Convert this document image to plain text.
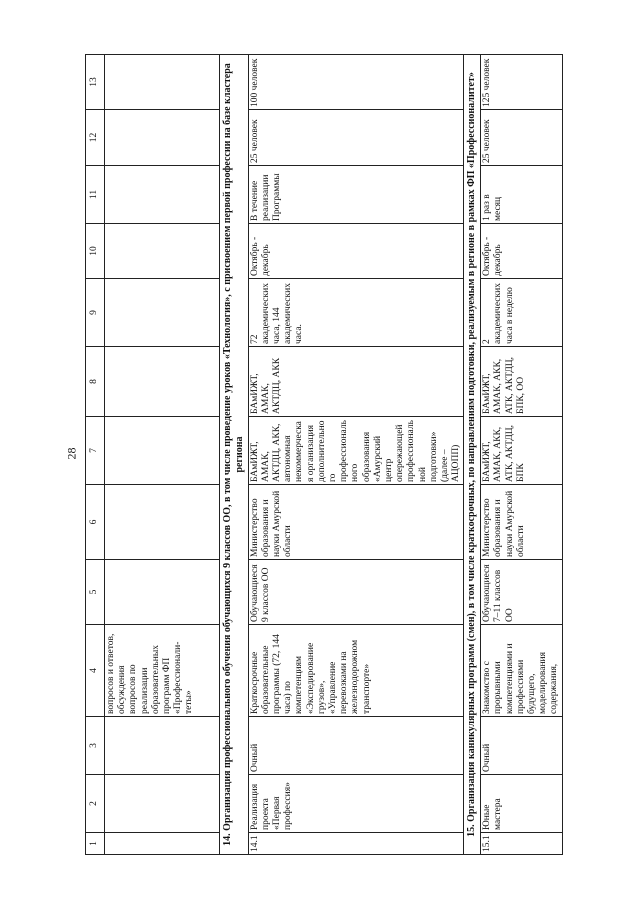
28
1	2	3	4	5	6	7	8	9	10	11	12	13
			вопросов и ответов, обсуждения вопросов по реализации образовательных программ ФП «Профессионали-теты»									
14. Организация профессионального обучения обучающихся 9 классов ОО, в том числе проведение уроков «Технология», с присвоением первой профессии на базе кластера региона												
14.1	Реализация проекта «Первая профессия»	Очный	Краткосрочные образовательные программы (72, 144 часа) по компетенциям «Экспедирование грузов», «Управление перевозками на железнодорожном транспорте»	Обучающиеся 9 классов ОО	Министерство образования и науки Амурской области	БАмИЖТ, АМАК, АКТДЦ, АКК, автономная некоммерческая организация дополнительного профессионального образования «Амурский центр опережающей профессиональной подготовки» (далее – АЦОПП)	БАмИЖТ, АМАК, АКТДЦ, АКК	72 академических часа, 144 академических часа.	Октябрь - декабрь	В течение реализации Программы	25 человек	100 человек
15. Организация каникулярных программ (смен), в том числе краткосрочных, по направлениям подготовки, реализуемым в регионе в рамках ФП «Профессионалитет»												
15.1	Юные мастера	Очный	Знакомство с прорывными компетенциями и профессиями будущего, моделирования содержания,	Обучающиеся 7–11 классов ОО	Министерство образования и науки Амурской области	БАмИЖТ, АМАК, АКК, АТК, АКТДЦ, БПК	БАмИЖТ, АМАК, АКК, АТК, АКТДЦ, БПК, ОО	2 академических часа в неделю	Октябрь - декабрь	1 раз в месяц	25 человек	125 человек
